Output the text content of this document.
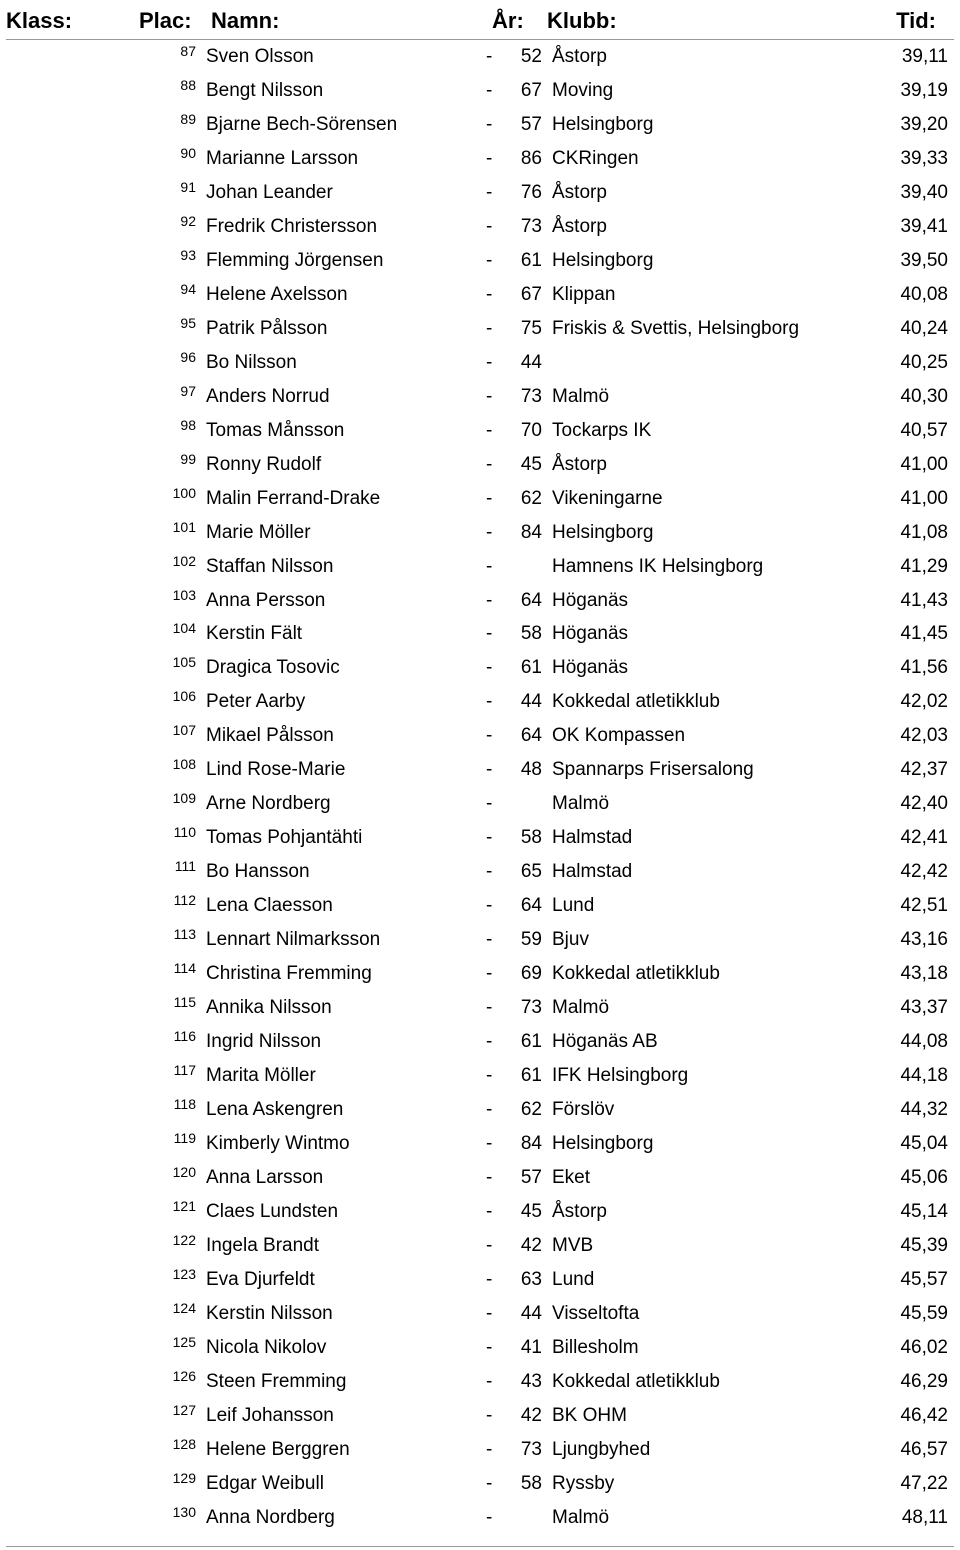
Klass:	Plac: Namn:	År: Klubb:	Tid:
87 Sven Olsson	- 52 Åstorp	39,11
88 Bengt Nilsson	- 67 Moving	39,19
89 Bjarne Bech-Sörensen	- 57 Helsingborg	39,20
90 Marianne Larsson	- 86 CKRingen	39,33
91 Johan Leander	- 76 Åstorp	39,40
92 Fredrik Christersson	- 73 Åstorp	39,41
93 Flemming Jörgensen	- 61 Helsingborg	39,50
94 Helene Axelsson	- 67 Klippan	40,08
95 Patrik Pålsson	- 75 Friskis & Svettis, Helsingborg	40,24
96 Bo Nilsson	- 44	40,25
97 Anders Norrud	- 73 Malmö	40,30
98 Tomas Månsson	- 70 Tockarps IK	40,57
99 Ronny Rudolf	- 45 Åstorp	41,00
100 Malin Ferrand-Drake	- 62 Vikeningarne	41,00
101 Marie Möller	- 84 Helsingborg	41,08
102 Staffan Nilsson	-	Hamnens IK Helsingborg	41,29
103 Anna Persson	- 64 Höganäs	41,43
104 Kerstin Fält	- 58 Höganäs	41,45
105 Dragica Tosovic	- 61 Höganäs	41,56
106 Peter Aarby	- 44 Kokkedal atletikklub	42,02
107 Mikael Pålsson	- 64 OK Kompassen	42,03
108 Lind Rose-Marie	- 48 Spannarps Frisersalong	42,37
109 Arne Nordberg	-	Malmö	42,40
110 Tomas Pohjantähti	- 58 Halmstad	42,41
111 Bo Hansson	- 65 Halmstad	42,42
112 Lena Claesson	- 64 Lund	42,51
113 Lennart Nilmarksson	- 59 Bjuv	43,16
114 Christina Fremming	- 69 Kokkedal atletikklub	43,18
115 Annika Nilsson	- 73 Malmö	43,37
116 Ingrid Nilsson	- 61 Höganäs AB	44,08
117 Marita Möller	- 61 IFK Helsingborg	44,18
118 Lena Askengren	- 62 Förslöv	44,32
119 Kimberly Wintmo	- 84 Helsingborg	45,04
120 Anna Larsson	- 57 Eket	45,06
121 Claes Lundsten	- 45 Åstorp	45,14
122 Ingela Brandt	- 42 MVB	45,39
123 Eva Djurfeldt	- 63 Lund	45,57
124 Kerstin Nilsson	- 44 Visseltofta	45,59
125 Nicola Nikolov	- 41 Billesholm	46,02
126 Steen Fremming	- 43 Kokkedal atletikklub	46,29
127 Leif Johansson	- 42 BK OHM	46,42
128 Helene Berggren	- 73 Ljungbyhed	46,57
129 Edgar Weibull	- 58 Ryssby	47,22
130 Anna Nordberg	-	Malmö	48,11
